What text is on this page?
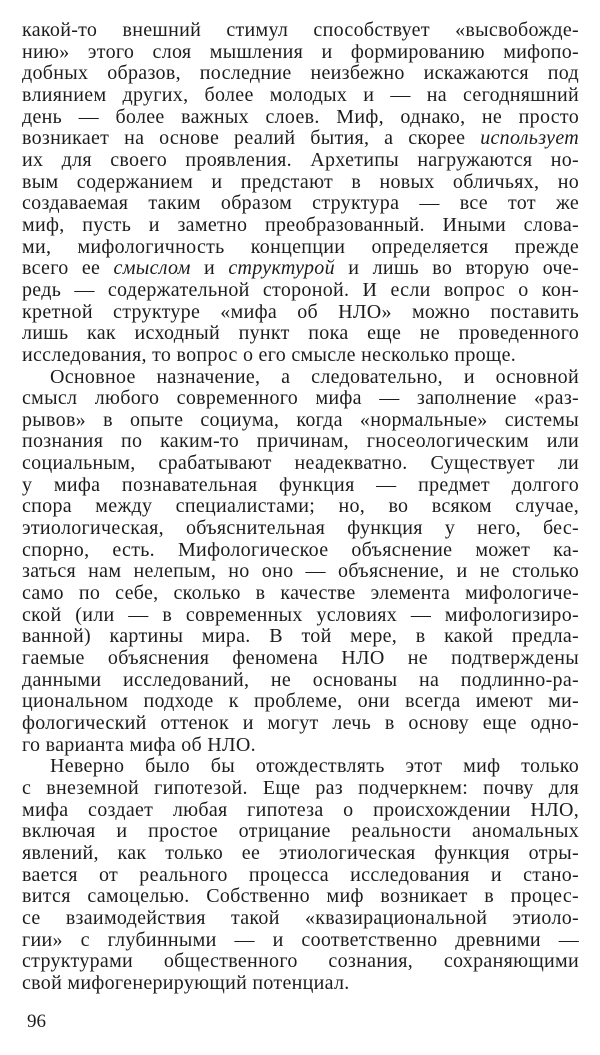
какой-то внешний стимул способствует «высвобожде-
нию» этого слоя мышления и формированию мифопо-
добных образов, последние неизбежно искажаются под
влиянием других, более молодых и — на сегодняшний
день — более важных слоев. Миф, однако, не просто
возникает на основе реалий бытия, а скорее использует
их для своего проявления. Архетипы нагружаются но-
вым содержанием и предстают в новых обличьях, но
создаваемая таким образом структура — все тот же
миф, пусть и заметно преобразованный. Иными слова-
ми, мифологичность концепции определяется прежде
всего ее смыслом и структурой и лишь во вторую оче-
редь — содержательной стороной. И если вопрос о кон-
кретной структуре «мифа об НЛО» можно поставить
лишь как исходный пункт пока еще не проведенного
исследования, то вопрос о его смысле несколько проще.
Основное назначение, а следовательно, и основной
смысл любого современного мифа — заполнение «раз-
рывов» в опыте социума, когда «нормальные» системы
познания по каким-то причинам, гносеологическим или
социальным, срабатывают неадекватно. Существует ли
у мифа познавательная функция — предмет долгого
спора между специалистами; но, во всяком случае,
этиологическая, объяснительная функция у него, бес-
спорно, есть. Мифологическое объяснение может ка-
заться нам нелепым, но оно — объяснение, и не столько
само по себе, сколько в качестве элемента мифологиче-
ской (или — в современных условиях — мифологизиро-
ванной) картины мира. В той мере, в какой предла-
гаемые объяснения феномена НЛО не подтверждены
данными исследований, не основаны на подлинно-ра-
циональном подходе к проблеме, они всегда имеют ми-
фологический оттенок и могут лечь в основу еще одно-
го варианта мифа об НЛО.
Неверно было бы отождествлять этот миф только
с внеземной гипотезой. Еще раз подчеркнем: почву для
мифа создает любая гипотеза о происхождении НЛО,
включая и простое отрицание реальности аномальных
явлений, как только ее этиологическая функция отры-
вается от реального процесса исследования и стано-
вится самоцелью. Собственно миф возникает в процес-
се взаимодействия такой «квазирациональной этиоло-
гии» с глубинными — и соответственно древними —
структурами общественного сознания, сохраняющими
свой мифогенерирующий потенциал.
96
